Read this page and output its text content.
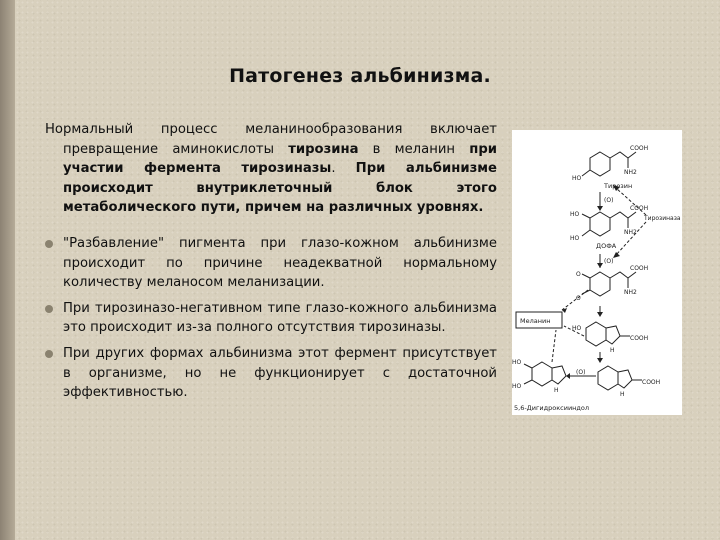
Патогенез альбинизма.

Нормальный процесс меланинообразования включает превращение аминокислоты тирозина в меланин при участии фермента тирозиназы. При альбинизме происходит внутриклеточный блок этого метаболического пути, причем на различных уровнях.

"Разбавление" пигмента при глазо-кожном альбинизме происходит по причине неадекватной нормальному количеству меланосом меланизации.
При тирозиназо-негативном типе глазо-кожного альбинизма это происходит из-за полного отсутствия тирозиназы.
При других формах альбинизма этот фермент присутствует в организме, но не функционирует с достаточной эффективностью.
COOH
NH2
HO
Тирозин
(O)
HO
HO
COOH
NH2
ДОФА
Тирозиназа
(O)
O
O
COOH
NH2
Меланин
HO
COOH
H
HO
HO
H
(O)
COOH
H
5,6-Дигидроксииндол
